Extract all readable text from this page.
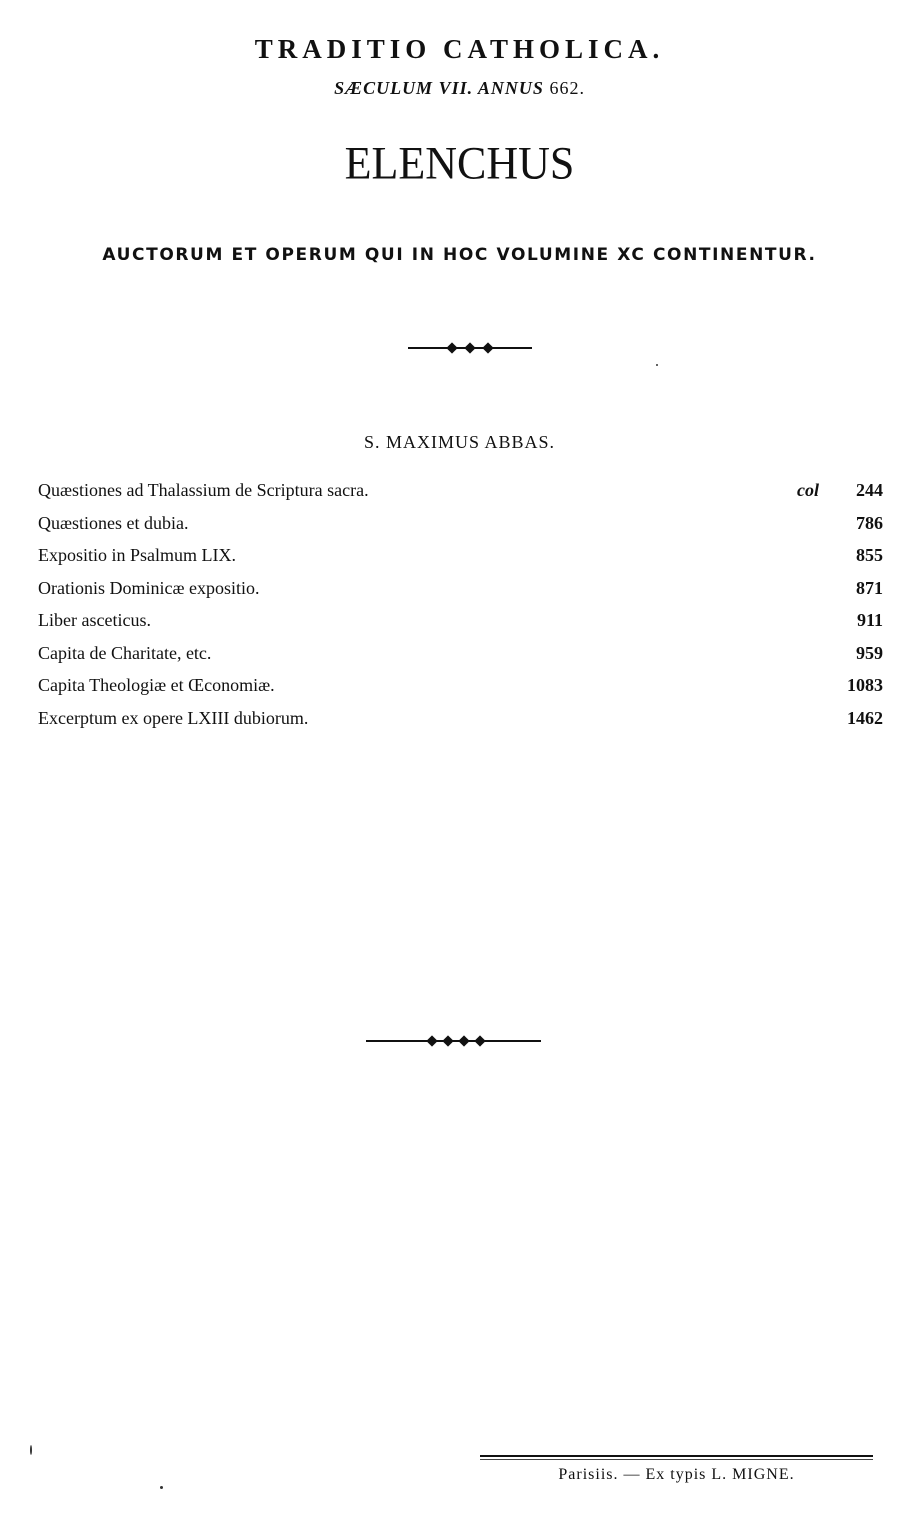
TRADITIO CATHOLICA.
SÆCULUM VII. ANNUS 662.
ELENCHUS
AUCTORUM ET OPERUM QUI IN HOC VOLUMINE XC CONTINENTUR.
S. MAXIMUS ABBAS.
Quæstiones ad Thalassium de Scriptura sacra.	col 244
Quæstiones et dubia.	786
Expositio in Psalmum LIX.	855
Orationis Dominicæ expositio.	871
Liber asceticus.	911
Capita de Charitate, etc.	959
Capita Theologiæ et Œconomiæ.	1083
Excerptum ex opere LXIII dubiorum.	1462
Parisiis. — Ex typis L. MIGNE.
